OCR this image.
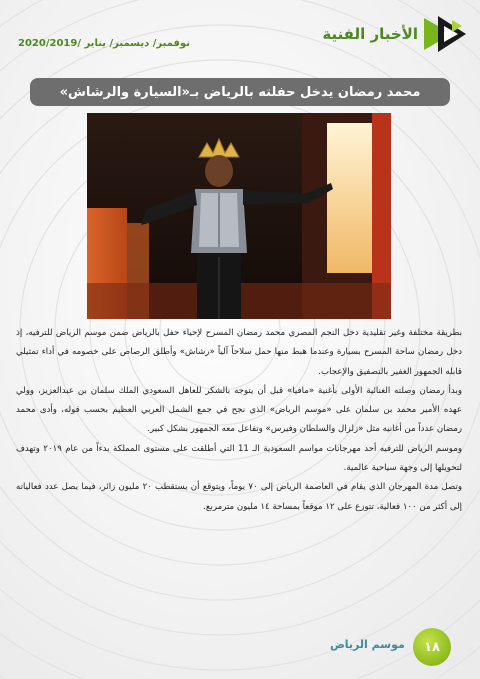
الأخبار الفنية
نوفمبر/ ديسمبر/ يناير /2020/2019
محمد رمضان يدخل حفلته بالرياض بـ«السيارة والرشاش»

بطريقة مختلفة وغير تقليدية دخل النجم المصري محمد رمضان المسرح لإحياء حفل بالرياض ضمن موسم الرياض للترفيه، إذ دخل رمضان ساحة المسرح بسيارة وعندما هبط منها حمل سلاحاً آلياً «رشاش» وأطلق الرصاص على خصومه في أداء تمثيلي قابله الجمهور الغفير بالتصفيق والإعجاب.

وبدأ رمضان وصلته الغنائية الأولى بأغنية «مافيا» قبل أن يتوجه بالشكر للعاهل السعودي الملك سلمان بن عبدالعزيز، وولي عهده الأمير محمد بن سلمان على «موسم الرياض» الذي نجح في جمع الشمل العربي العظيم بحسب قوله، وأدى محمد رمضان عدداً من أغانيه مثل «زلزال والسلطان وفيرس» وتفاعل معه الجمهور بشكل كبير.

وموسم الرياض للترفيه أحد مهرجانات مواسم السعودية الـ 11 التي أطلقت على مستوى المملكة بدءاً من عام ٢٠١٩ وتهدف لتحويلها إلى وجهة سياحية عالمية.

وتصل مدة المهرجان الذي يقام في العاصمة الرياض إلى ٧٠ يوماً، ويتوقع أن يستقطب ٢٠ مليون زائر، فيما يصل عدد فعالياته إلى أكثر من ١٠٠ فعالية، تتوزع على ١٢ موقعاً بمساحة ١٤ مليون مترمربع.

١٨
موسم الرياض
